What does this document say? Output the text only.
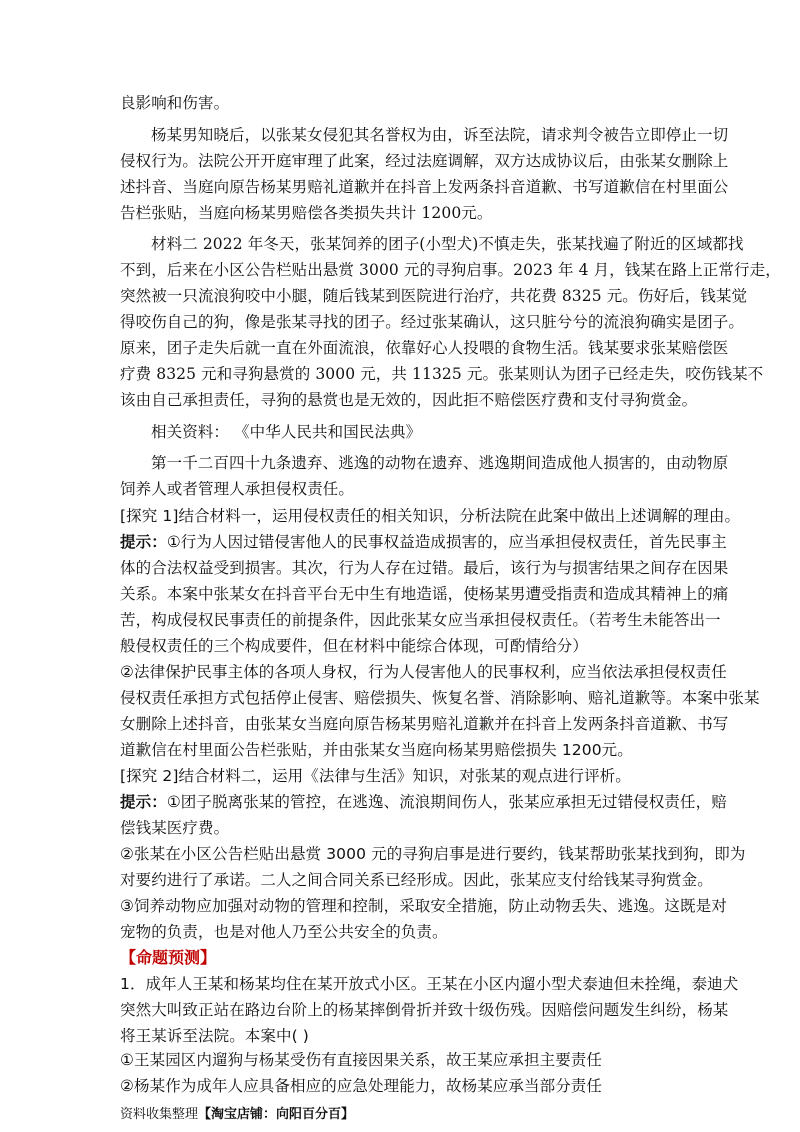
良影响和伤害。
杨某男知晓后，以张某女侵犯其名誉权为由，诉至法院，请求判令被告立即停止一切
侵权行为。法院公开开庭审理了此案，经过法庭调解，双方达成协议后，由张某女删除上
述抖音、当庭向原告杨某男赔礼道歉并在抖音上发两条抖音道歉、书写道歉信在村里面公
告栏张贴，当庭向杨某男赔偿各类损失共计 1200元。
材料二 2022 年冬天，张某饲养的团子(小型犬)不慎走失，张某找遍了附近的区域都找
不到，后来在小区公告栏贴出悬赏 3000 元的寻狗启事。2023 年 4 月，钱某在路上正常行走，
突然被一只流浪狗咬中小腿，随后钱某到医院进行治疗，共花费 8325 元。伤好后，钱某觉
得咬伤自己的狗，像是张某寻找的团子。经过张某确认，这只脏兮兮的流浪狗确实是团子。
原来，团子走失后就一直在外面流浪，依靠好心人投喂的食物生活。钱某要求张某赔偿医
疗费 8325 元和寻狗悬赏的 3000 元，共 11325 元。张某则认为团子已经走失，咬伤钱某不
该由自己承担责任，寻狗的悬赏也是无效的，因此拒不赔偿医疗费和支付寻狗赏金。
相关资料： 《中华人民共和国民法典》
第一千二百四十九条遗弃、逃逸的动物在遗弃、逃逸期间造成他人损害的，由动物原
饲养人或者管理人承担侵权责任。
[探究 1]结合材料一，运用侵权责任的相关知识，分析法院在此案中做出上述调解的理由。
提示：①行为人因过错侵害他人的民事权益造成损害的，应当承担侵权责任，首先民事主
体的合法权益受到损害。其次，行为人存在过错。最后，该行为与损害结果之间存在因果
关系。本案中张某女在抖音平台无中生有地造谣，使杨某男遭受指责和造成其精神上的痛
苦，构成侵权民事责任的前提条件，因此张某女应当承担侵权责任。（若考生未能答出一
般侵权责任的三个构成要件，但在材料中能综合体现，可酌情给分）
②法律保护民事主体的各项人身权，行为人侵害他人的民事权利，应当依法承担侵权责任
侵权责任承担方式包括停止侵害、赔偿损失、恢复名誉、消除影响、赔礼道歉等。本案中张某
女删除上述抖音，由张某女当庭向原告杨某男赔礼道歉并在抖音上发两条抖音道歉、书写
道歉信在村里面公告栏张贴，并由张某女当庭向杨某男赔偿损失 1200元。
[探究 2]结合材料二，运用《法律与生活》知识，对张某的观点进行评析。
提示：①团子脱离张某的管控，在逃逸、流浪期间伤人，张某应承担无过错侵权责任，赔
偿钱某医疗费。
②张某在小区公告栏贴出悬赏 3000 元的寻狗启事是进行要约，钱某帮助张某找到狗，即为
对要约进行了承诺。二人之间合同关系已经形成。因此，张某应支付给钱某寻狗赏金。
③饲养动物应加强对动物的管理和控制，采取安全措施，防止动物丢失、逃逸。这既是对
宠物的负责，也是对他人乃至公共安全的负责。
【命题预测】
1．成年人王某和杨某均住在某开放式小区。王某在小区内遛小型犬泰迪但未拴绳，泰迪犬
突然大叫致正站在路边台阶上的杨某摔倒骨折并致十级伤残。因赔偿问题发生纠纷，杨某
将王某诉至法院。本案中( )
资料收集整理【淘宝店铺：向阳百分百】
①王某园区内遛狗与杨某受伤有直接因果关系，故王某应承担主要责任
②杨某作为成年人应具备相应的应急处理能力，故杨某应承当部分责任
